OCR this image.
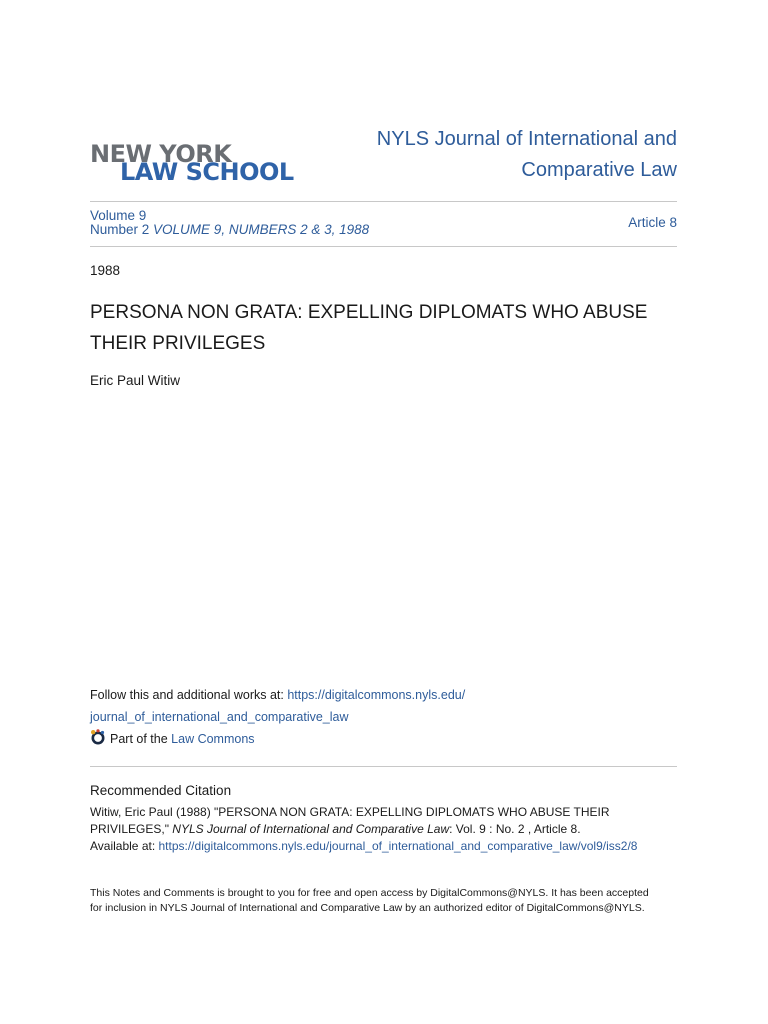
NEW YORK
LAW SCHOOL
NYLS Journal of International and
Comparative Law
Volume 9
Number 2 VOLUME 9, NUMBERS 2 & 3, 1988	Article 8
1988
PERSONA NON GRATA: EXPELLING DIPLOMATS WHO ABUSE THEIR PRIVILEGES
Eric Paul Witiw
Follow this and additional works at: https://digitalcommons.nyls.edu/
journal_of_international_and_comparative_law
Part of the
Law Commons
Recommended Citation
Witiw, Eric Paul (1988) "PERSONA NON GRATA: EXPELLING DIPLOMATS WHO ABUSE THEIR PRIVILEGES," NYLS Journal of International and Comparative Law: Vol. 9 : No. 2 , Article 8.
Available at: https://digitalcommons.nyls.edu/journal_of_international_and_comparative_law/vol9/iss2/8
This Notes and Comments is brought to you for free and open access by DigitalCommons@NYLS. It has been accepted for inclusion in NYLS Journal of International and Comparative Law by an authorized editor of DigitalCommons@NYLS.
